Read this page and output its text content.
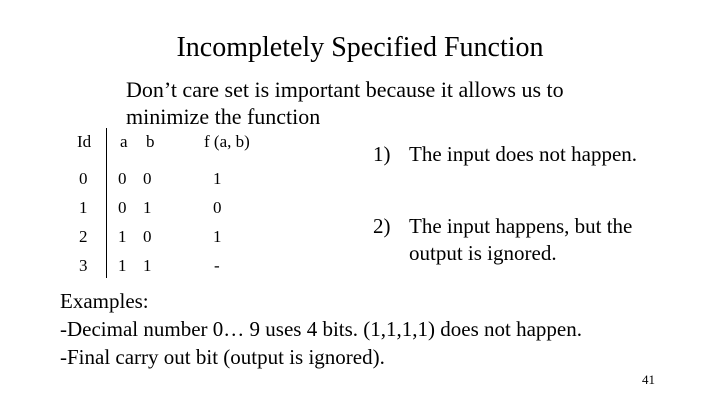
Incompletely Specified Function
Don’t care set is important because it allows us to minimize the function
Id a b	f (a, b)
0 0 0	1
1 0 1	0
2 1 0	1
3 1 1	-
1) The input does not happen.
2) The input happens, but the output is ignored.
Examples:
-Decimal number 0… 9 uses 4 bits. (1,1,1,1) does not happen.
-Final carry out bit (output is ignored).
41
